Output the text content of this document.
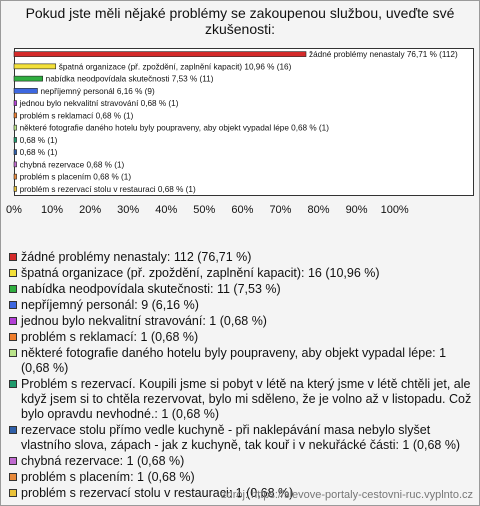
Pokud jste měli nějaké problémy se zakoupenou službou, uveďte své
zkušenosti:
žádné problémy nenastaly 76,71 % (112)
špatná organizace (př. zpoždění, zaplnění kapacit) 10,96 % (16)
nabídka neodpovídala skutečnosti 7,53 % (11)
nepříjemný personál 6,16 % (9)
jednou bylo nekvalitní stravování 0,68 % (1)
problém s reklamací 0,68 % (1)
některé fotografie daného hotelu byly poupraveny, aby objekt vypadal lépe 0,68 % (1)
0,68 % (1)
0,68 % (1)
chybná rezervace 0,68 % (1)
problém s placením 0,68 % (1)
problém s rezervací stolu v restauraci 0,68 % (1)
0% 10% 20% 30% 40% 50% 60% 70% 80% 90% 100%
žádné problémy nenastaly: 112 (76,71 %)
špatná organizace (př. zpoždění, zaplnění kapacit): 16 (10,96 %)
nabídka neodpovídala skutečnosti: 11 (7,53 %)
nepříjemný personál: 9 (6,16 %)
jednou bylo nekvalitní stravování: 1 (0,68 %)
problém s reklamací: 1 (0,68 %)
některé fotografie daného hotelu byly poupraveny, aby objekt vypadal lépe: 1 (0,68 %)
Problém s rezervací. Koupili jsme si pobyt v létě na který jsme v létě chtěli jet, ale když jsem si to chtěla rezervovat, bylo mi sděleno, že je volno až v listopadu. Což bylo opravdu nevhodné.: 1 (0,68 %)
rezervace stolu přímo vedle kuchyně - při naklepávání masa nebylo slyšet vlastního slova, zápach - jak z kuchyně, tak kouř i v nekuřácké části: 1 (0,68 %)
chybná rezervace: 1 (0,68 %)
problém s placením: 1 (0,68 %)
problém s rezervací stolu v restauraci: 1 (0,68 %)
zdroj: https://slevove-portaly-cestovni-ruc.vyplnto.cz
